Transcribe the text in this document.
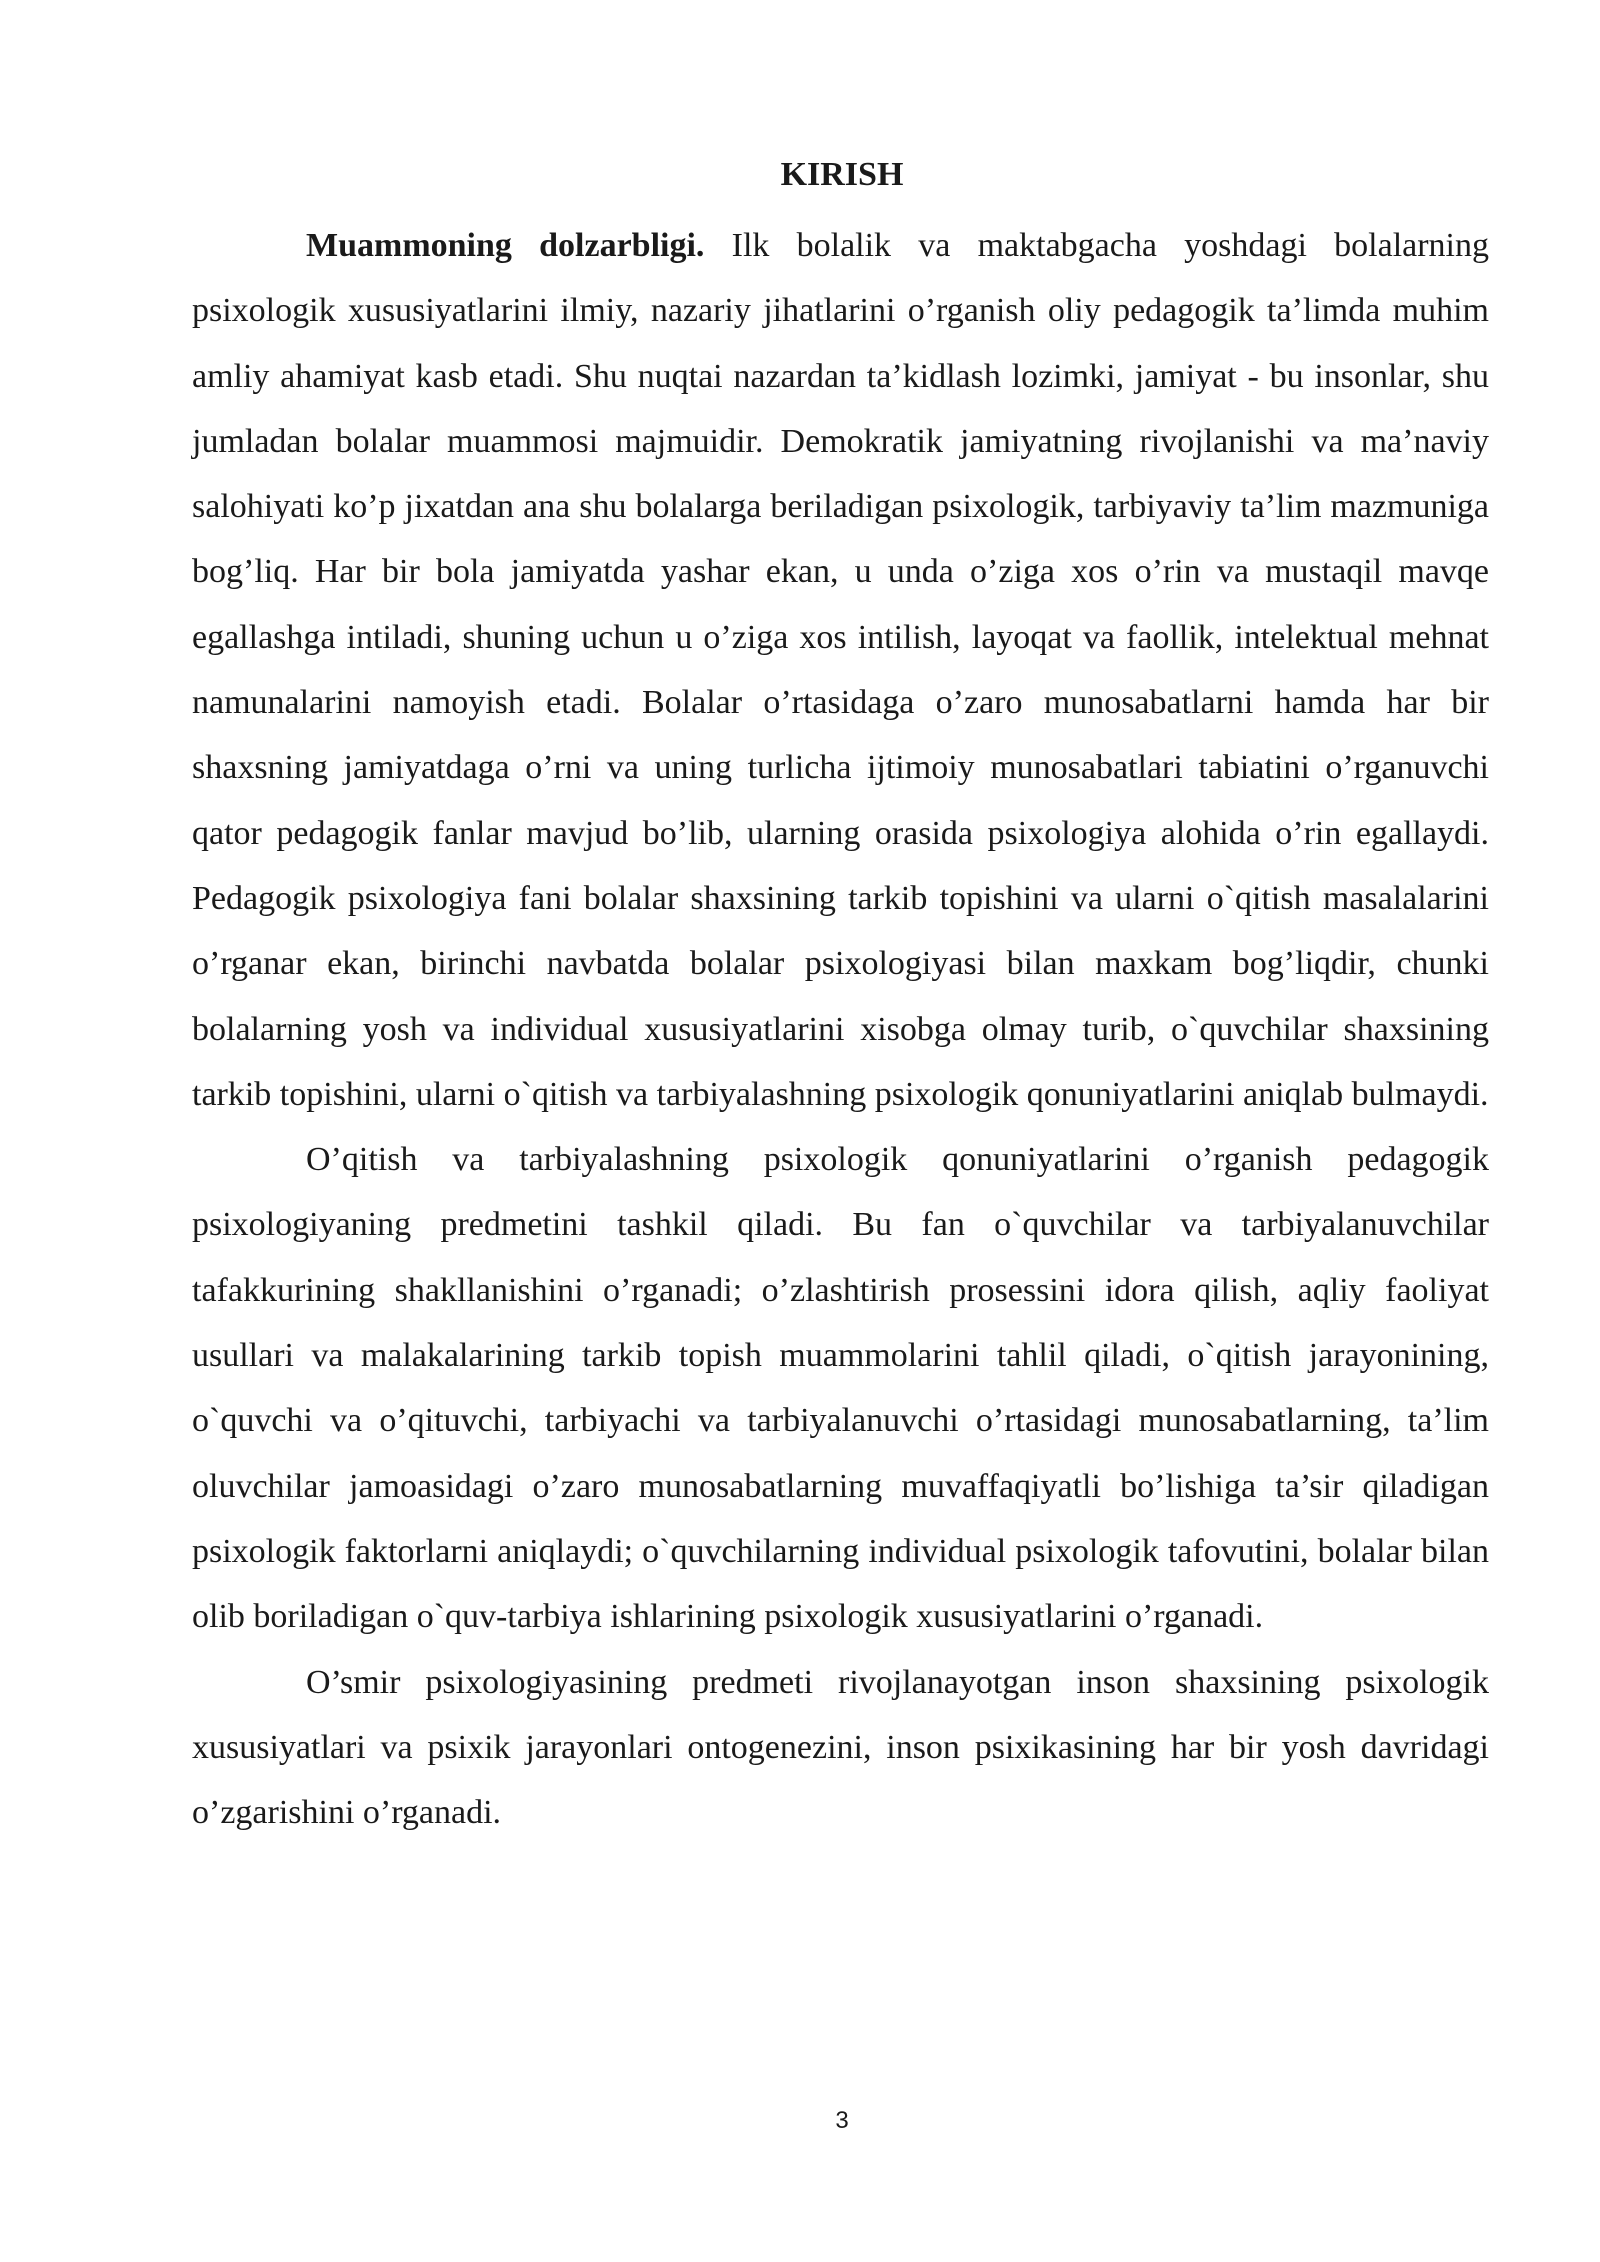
KIRISH

Muammoning dolzarbligi. Ilk bolalik va maktabgacha yoshdagi bolalarning psixologik xususiyatlarini ilmiy, nazariy jihatlarini o’rganish oliy pedagogik ta’limda muhim amliy ahamiyat kasb etadi. Shu nuqtai nazardan ta’kidlash lozimki, jamiyat - bu insonlar, shu jumladan bolalar muammosi majmuidir. Demokratik jamiyatning rivojlanishi va ma’naviy salohiyati ko’p jixatdan ana shu bolalarga beriladigan psixologik, tarbiyaviy ta’lim mazmuniga bog’liq. Har bir bola jamiyatda yashar ekan, u unda o’ziga xos o’rin va mustaqil mavqe egallashga intiladi, shuning uchun u o’ziga xos intilish, layoqat va faollik, intelektual mehnat namunalarini namoyish etadi. Bolalar o’rtasidaga o’zaro munosabatlarni hamda har bir shaxsning jamiyatdaga o’rni va uning turlicha ijtimoiy munosabatlari tabiatini o’rganuvchi qator pedagogik fanlar mavjud bo’lib, ularning orasida psixologiya alohida o’rin egallaydi. Pedagogik psixologiya fani bolalar shaxsining tarkib topishini va ularni o`qitish masalalarini o’rganar ekan, birinchi navbatda bolalar psixologiyasi bilan maxkam bog’liqdir, chunki bolalarning yosh va individual xususiyatlarini xisobga olmay turib, o`quvchilar shaxsining tarkib topishini, ularni o`qitish va tarbiyalashning psixologik qonuniyatlarini aniqlab bulmaydi.

O’qitish va tarbiyalashning psixologik qonuniyatlarini o’rganish pedagogik psixologiyaning predmetini tashkil qiladi. Bu fan o`quvchilar va tarbiyalanuvchilar tafakkurining shakllanishini o’rganadi; o’zlashtirish prosessini idora qilish, aqliy faoliyat usullari va malakalarining tarkib topish muammolarini tahlil qiladi, o`qitish jarayonining, o`quvchi va o’qituvchi, tarbiyachi va tarbiyalanuvchi o’rtasidagi munosabatlarning, ta’lim oluvchilar jamoasidagi o’zaro munosabatlarning muvaffaqiyatli bo’lishiga ta’sir qiladigan psixologik faktorlarni aniqlaydi; o`quvchilarning individual psixologik tafovutini, bolalar bilan olib boriladigan o`quv-tarbiya ishlarining psixologik xususiyatlarini o’rganadi.

O’smir psixologiyasining predmeti rivojlanayotgan inson shaxsining psixologik xususiyatlari va psixik jarayonlari ontogenezini, inson psixikasining har bir yosh davridagi o’zgarishini o’rganadi.

3
